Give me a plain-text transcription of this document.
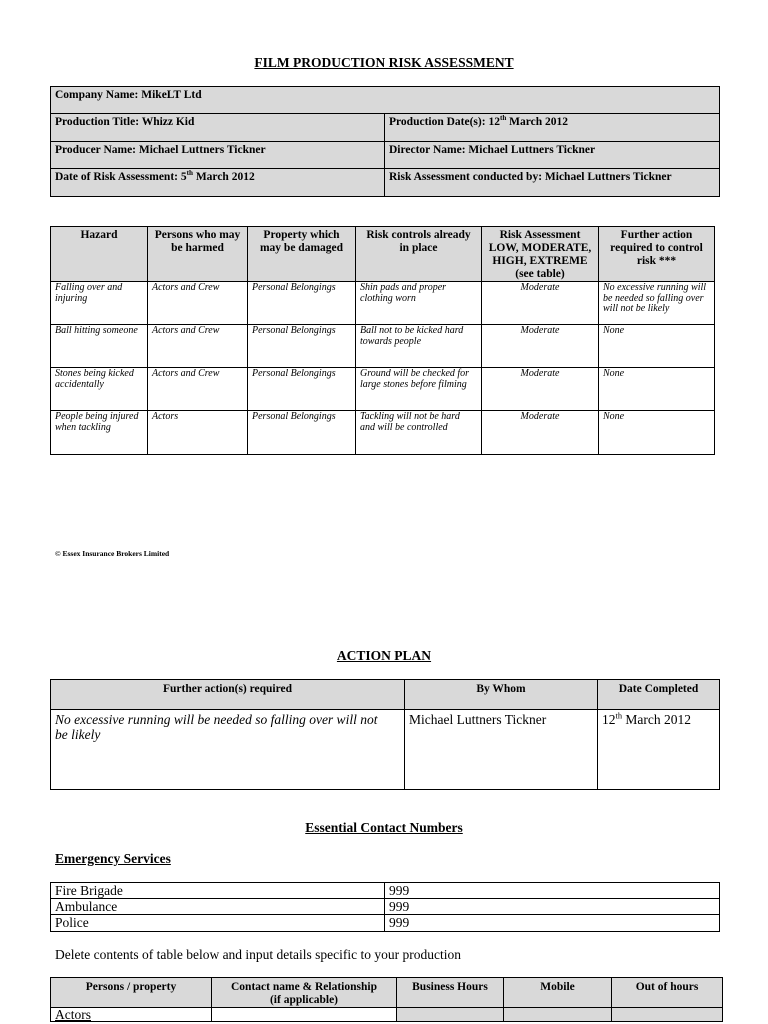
FILM PRODUCTION RISK ASSESSMENT
Company Name: MikeLT Ltd	
Production Title: Whizz Kid	Production Date(s): 12th March 2012
Producer Name: Michael Luttners Tickner	Director Name: Michael Luttners Tickner
Date of Risk Assessment: 5th March 2012	Risk Assessment conducted by: Michael Luttners Tickner
Hazard	Persons who may be harmed	Property which may be damaged	Risk controls already in place	Risk Assessment LOW, MODERATE, HIGH, EXTREME (see table)	Further action required to control risk ***
Falling over and injuring	Actors and Crew	Personal Belongings	Shin pads and proper clothing worn	Moderate	No excessive running will be needed so falling over will not be likely
Ball hitting someone	Actors and Crew	Personal Belongings	Ball not to be kicked hard towards people	Moderate	None
Stones being kicked accidentally	Actors and Crew	Personal Belongings	Ground will be checked for large stones before filming	Moderate	None
People being injured when tackling	Actors	Personal Belongings	Tackling will not be hard and will be controlled	Moderate	None
© Essex Insurance Brokers Limited
ACTION PLAN
Further action(s) required	By Whom	Date Completed
No excessive running will be needed so falling over will not be likely	Michael Luttners Tickner	12th March 2012
Essential Contact Numbers
Emergency Services
Fire Brigade	999
Ambulance	999
Police	999
Delete contents of table below and input details specific to your production
Persons / property	Contact name & Relationship (if applicable)	Business Hours	Mobile	Out of hours
Actors				
